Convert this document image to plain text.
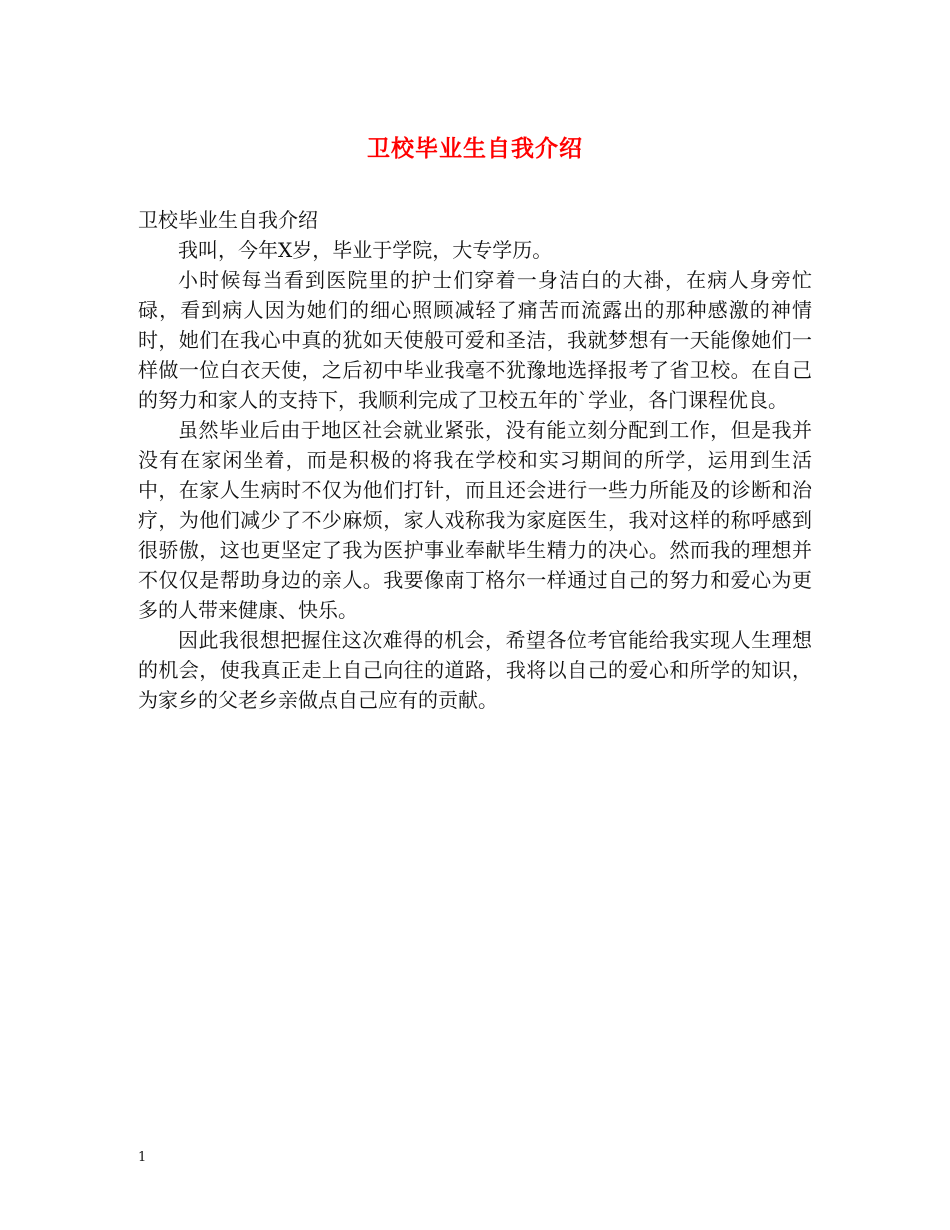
卫校毕业生自我介绍

卫校毕业生自我介绍

我叫，今年X岁，毕业于学院，大专学历。

小时候每当看到医院里的护士们穿着一身洁白的大褂，在病人身旁忙碌，看到病人因为她们的细心照顾减轻了痛苦而流露出的那种感激的神情时，她们在我心中真的犹如天使般可爱和圣洁，我就梦想有一天能像她们一样做一位白衣天使，之后初中毕业我毫不犹豫地选择报考了省卫校。在自己的努力和家人的支持下，我顺利完成了卫校五年的`学业，各门课程优良。

虽然毕业后由于地区社会就业紧张，没有能立刻分配到工作，但是我并没有在家闲坐着，而是积极的将我在学校和实习期间的所学，运用到生活中，在家人生病时不仅为他们打针，而且还会进行一些力所能及的诊断和治疗，为他们减少了不少麻烦，家人戏称我为家庭医生，我对这样的称呼感到很骄傲，这也更坚定了我为医护事业奉献毕生精力的决心。然而我的理想并不仅仅是帮助身边的亲人。我要像南丁格尔一样通过自己的努力和爱心为更多的人带来健康、快乐。

因此我很想把握住这次难得的机会，希望各位考官能给我实现人生理想的机会，使我真正走上自己向往的道路，我将以自己的爱心和所学的知识，为家乡的父老乡亲做点自己应有的贡献。

1
